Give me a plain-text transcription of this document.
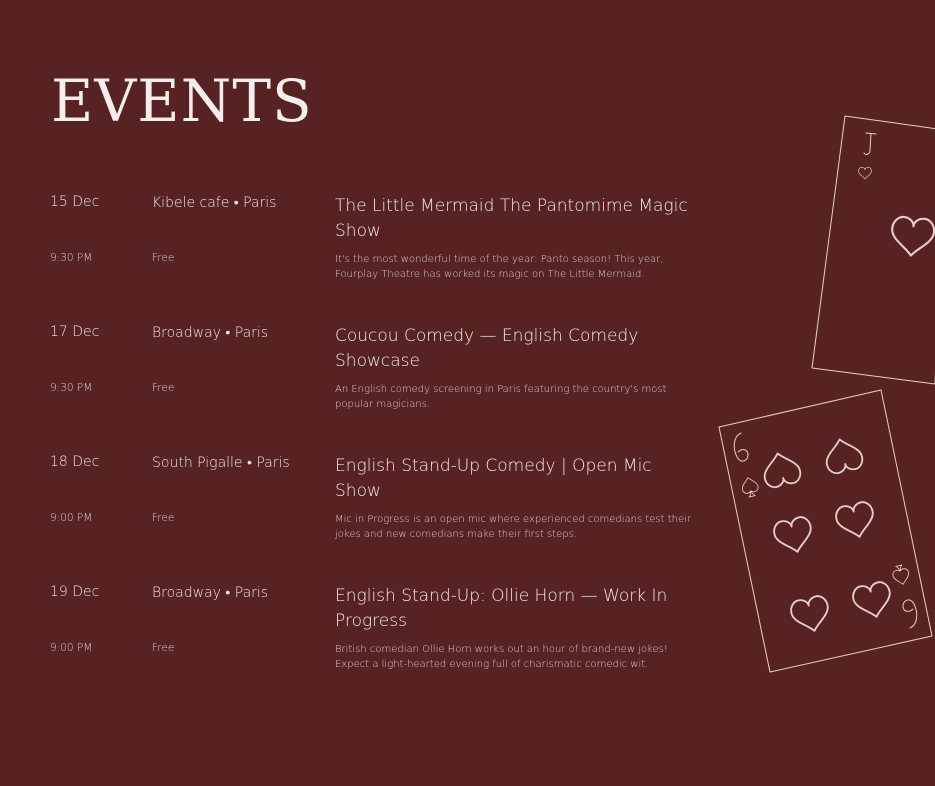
EVENTS
15 Dec	Kibele cafe • Paris	The Little Mermaid The Pantomime Magic Show
9:30 PM	Free	It's the most wonderful time of the year: Panto season! This year, Fourplay Theatre has worked its magic on The Little Mermaid.
17 Dec	Broadway • Paris	Coucou Comedy — English Comedy Showcase
9:30 PM	Free	An English comedy screening in Paris featuring the country's most popular magicians.
18 Dec	South Pigalle • Paris	English Stand-Up Comedy | Open Mic Show
9:00 PM	Free	Mic in Progress is an open mic where experienced comedians test their jokes and new comedians make their first steps.
19 Dec	Broadway • Paris	English Stand-Up: Ollie Horn — Work In Progress
9:00 PM	Free	British comedian Ollie Horn works out an hour of brand-new jokes! Expect a light-hearted evening full of charismatic comedic wit.
